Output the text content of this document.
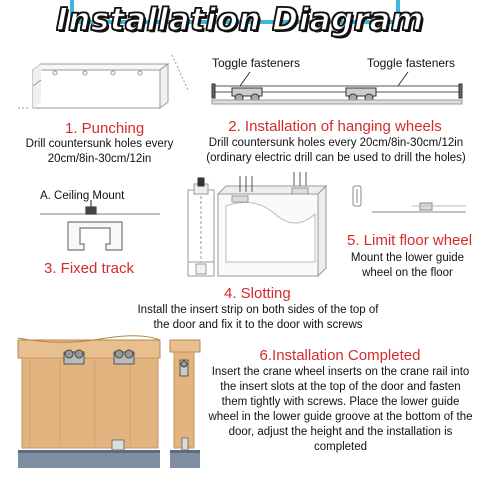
Installation Diagram
1. Punching
Drill countersunk holes every 20cm/8in-30cm/12in
Toggle fasteners	Toggle fasteners
2. Installation of hanging wheels
Drill countersunk holes every 20cm/8in-30cm/12in
(ordinary electric drill can be used to drill the holes)
A. Ceiling Mount
3. Fixed track
4. Slotting
Install the insert strip on both sides of the top of the door and fix it to the door with screws
5. Limit floor wheel
Mount the lower guide wheel on the floor
6.Installation Completed
Insert the crane wheel inserts on the crane rail into the insert slots at the top of the door and fasten them tightly with screws. Place the lower guide wheel in the lower guide groove at the bottom of the door, adjust the height and the installation is completed
